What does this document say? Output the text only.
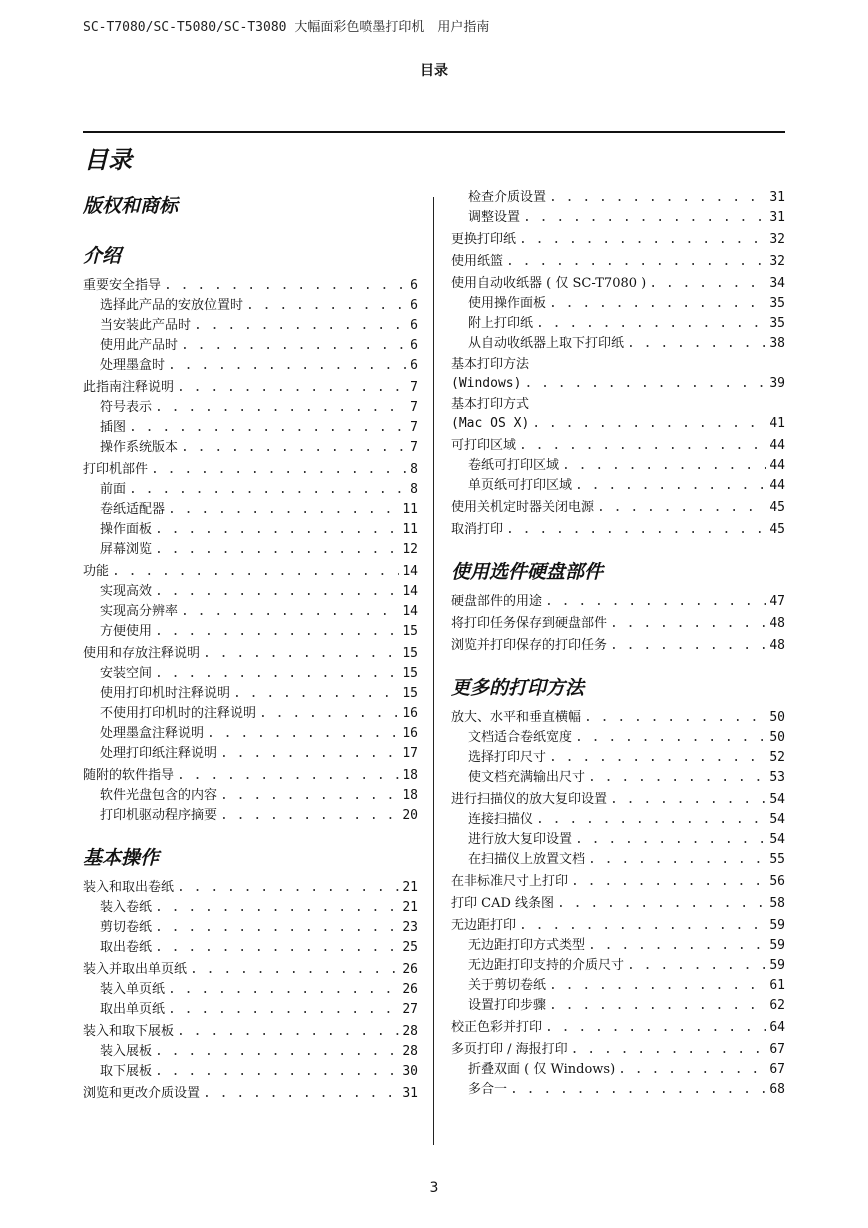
SC-T7080/SC-T5080/SC-T3080 大幅面彩色喷墨打印机　用户指南
目录
目录
版权和商标
介绍
重要安全指导 . . .	6
选择此产品的安放位置时 . . .	6
当安装此产品时 . . .	6
使用此产品时 . . .	6
处理墨盒时 . . .	6
此指南注释说明 . . .	7
符号表示 . . .	7
插图 . . .	7
操作系统版本 . . .	7
打印机部件 . . .	8
前面 . . .	8
卷纸适配器 . . .	11
操作面板 . . .	11
屏幕浏览 . . .	12
功能 . . .	14
实现高效 . . .	14
实现高分辨率 . . .	14
方便使用 . . .	15
使用和存放注释说明 . . .	15
安装空间 . . .	15
使用打印机时注释说明 . . .	15
不使用打印机时的注释说明 . . .	16
处理墨盒注释说明 . . .	16
处理打印纸注释说明 . . .	17
随附的软件指导 . . .	18
软件光盘包含的内容 . . .	18
打印机驱动程序摘要 . . .	20
基本操作
装入和取出卷纸 . . .	21
装入卷纸 . . .	21
剪切卷纸 . . .	23
取出卷纸 . . .	25
装入并取出单页纸 . . .	26
装入单页纸 . . .	26
取出单页纸 . . .	27
装入和取下展板 . . .	28
装入展板 . . .	28
取下展板 . . .	30
浏览和更改介质设置 . . .	31
检查介质设置 . . .	31
调整设置 . . .	31
更换打印纸 . . .	32
使用纸篮 . . .	32
使用自动收纸器 ( 仅 SC-T7080 ) . . .	34
使用操作面板 . . .	35
附上打印纸 . . .	35
从自动收纸器上取下打印纸 . . .	38
基本打印方法
(Windows) . . .	39
基本打印方式
(Mac OS X) . . .	41
可打印区域 . . .	44
卷纸可打印区域 . . .	44
单页纸可打印区域 . . .	44
使用关机定时器关闭电源 . . .	45
取消打印 . . .	45
使用选件硬盘部件
硬盘部件的用途 . . .	47
将打印任务保存到硬盘部件 . . .	48
浏览并打印保存的打印任务 . . .	48
更多的打印方法
放大、水平和垂直横幅 . . .	50
文档适合卷纸宽度 . . .	50
选择打印尺寸 . . .	52
使文档充满输出尺寸 . . .	53
进行扫描仪的放大复印设置 . . .	54
连接扫描仪 . . .	54
进行放大复印设置 . . .	54
在扫描仪上放置文档 . . .	55
在非标准尺寸上打印 . . .	56
打印 CAD 线条图 . . .	58
无边距打印 . . .	59
无边距打印方式类型 . . .	59
无边距打印支持的介质尺寸 . . .	59
关于剪切卷纸 . . .	61
设置打印步骤 . . .	62
校正色彩并打印 . . .	64
多页打印 / 海报打印 . . .	67
折叠双面 ( 仅 Windows) . . .	67
多合一 . . .	68
3
